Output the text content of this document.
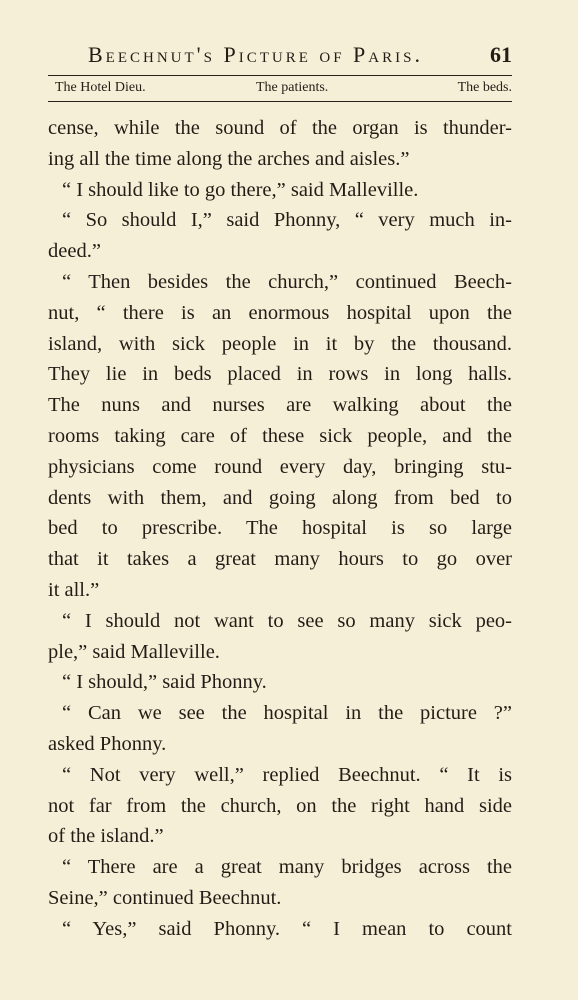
Beechnut's Picture of Paris.	61
The Hotel Dieu.	The patients.	The beds.
cense, while the sound of the organ is thunder-
ing all the time along the arches and aisles.”
“ I should like to go there,” said Malleville.
“ So should I,” said Phonny, “ very much in-
deed.”
“ Then besides the church,” continued Beech-
nut, “ there is an enormous hospital upon the
island, with sick people in it by the thousand.
They lie in beds placed in rows in long halls.
The nuns and nurses are walking about the
rooms taking care of these sick people, and the
physicians come round every day, bringing stu-
dents with them, and going along from bed to
bed to prescribe. The hospital is so large
that it takes a great many hours to go over
it all.”
“ I should not want to see so many sick peo-
ple,” said Malleville.
“ I should,” said Phonny.
“ Can we see the hospital in the picture ?”
asked Phonny.
“ Not very well,” replied Beechnut. “ It is
not far from the church, on the right hand side
of the island.”
“ There are a great many bridges across the
Seine,” continued Beechnut.
“ Yes,” said Phonny. “ I mean to count
